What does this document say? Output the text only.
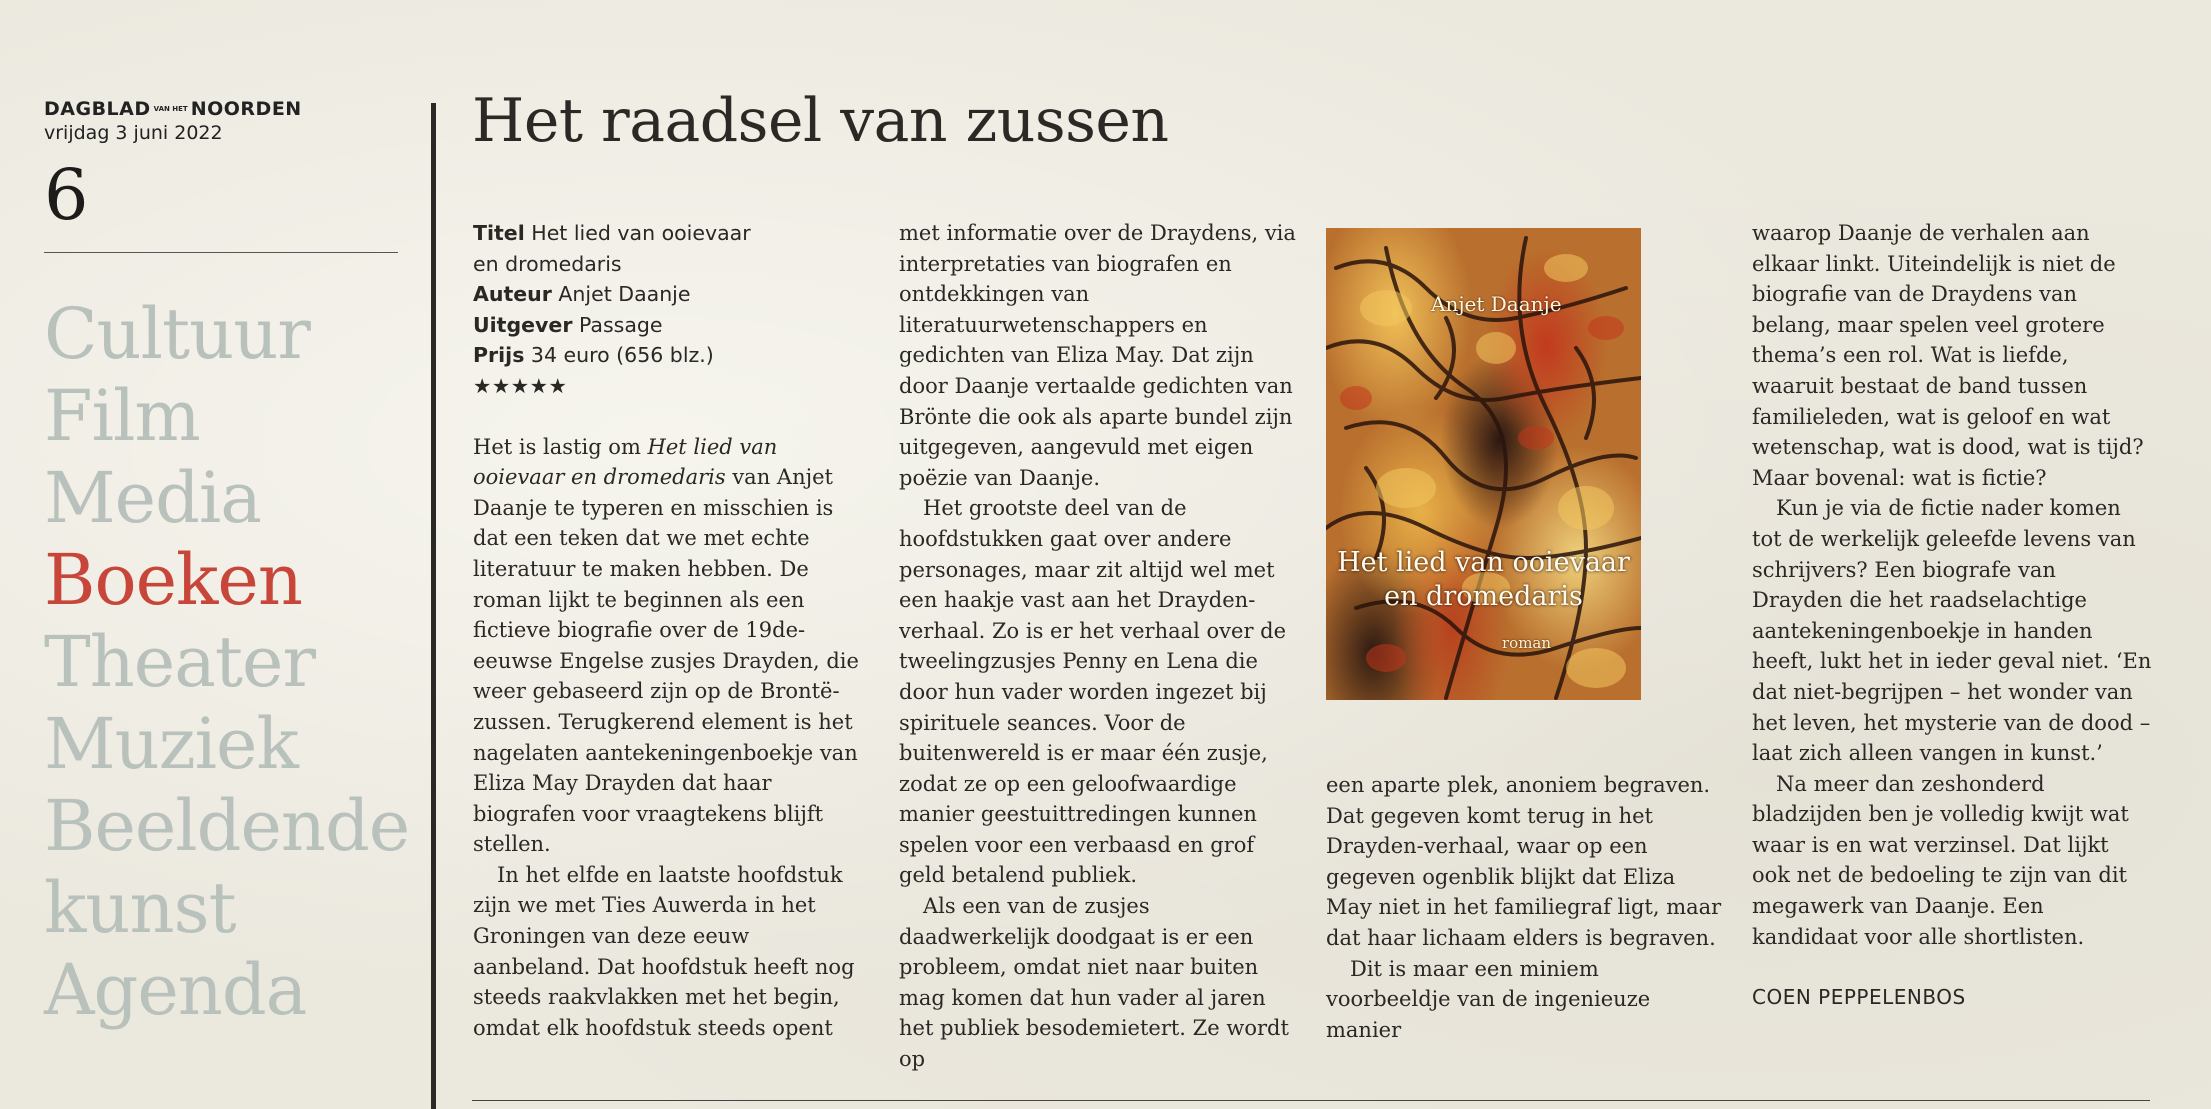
DAGBLAD VAN HET NOORDEN
vrijdag 3 juni 2022
6
Cultuur
Film
Media
Boeken
Theater
Muziek
Beeldende
kunst
Agenda
Het raadsel van zussen
Titel Het lied van ooievaar
en dromedaris
Auteur Anjet Daanje
Uitgever Passage
Prijs 34 euro (656 blz.)
★★★★★

Het is lastig om Het lied van ooievaar en dromedaris van Anjet Daanje te typeren en misschien is dat een teken dat we met echte literatuur te maken hebben. De roman lijkt te beginnen als een fictieve biografie over de 19de-eeuwse Engelse zusjes Drayden, die weer gebaseerd zijn op de Brontë-zussen. Terugkerend element is het nagelaten aantekeningenboekje van Eliza May Drayden dat haar biografen voor vraagtekens blijft stellen.

In het elfde en laatste hoofdstuk zijn we met Ties Auwerda in het Groningen van deze eeuw aanbeland. Dat hoofdstuk heeft nog steeds raakvlakken met het begin, omdat elk hoofdstuk steeds opent

met informatie over de Draydens, via interpretaties van biografen en ontdekkingen van literatuurwetenschappers en gedichten van Eliza May. Dat zijn door Daanje vertaalde gedichten van Brönte die ook als aparte bundel zijn uitgegeven, aangevuld met eigen poëzie van Daanje.

Het grootste deel van de hoofdstukken gaat over andere personages, maar zit altijd wel met een haakje vast aan het Drayden-verhaal. Zo is er het verhaal over de tweelingzusjes Penny en Lena die door hun vader worden ingezet bij spirituele seances. Voor de buitenwereld is er maar één zusje, zodat ze op een geloofwaardige manier geestuittredingen kunnen spelen voor een verbaasd en grof geld betalend publiek.

Als een van de zusjes daadwerkelijk doodgaat is er een probleem, omdat niet naar buiten mag komen dat hun vader al jaren het publiek besodemietert. Ze wordt op

Anjet Daanje
Het lied van ooievaar en dromedaris
roman

een aparte plek, anoniem begraven. Dat gegeven komt terug in het Drayden-verhaal, waar op een gegeven ogenblik blijkt dat Eliza May niet in het familiegraf ligt, maar dat haar lichaam elders is begraven.

Dit is maar een miniem voorbeeldje van de ingenieuze manier

waarop Daanje de verhalen aan elkaar linkt. Uiteindelijk is niet de biografie van de Draydens van belang, maar spelen veel grotere thema’s een rol. Wat is liefde, waaruit bestaat de band tussen familieleden, wat is geloof en wat wetenschap, wat is dood, wat is tijd? Maar bovenal: wat is fictie?

Kun je via de fictie nader komen tot de werkelijk geleefde levens van schrijvers? Een biografe van Drayden die het raadselachtige aantekeningenboekje in handen heeft, lukt het in ieder geval niet. ‘En dat niet-begrijpen – het wonder van het leven, het mysterie van de dood – laat zich alleen vangen in kunst.’

Na meer dan zeshonderd bladzijden ben je volledig kwijt wat waar is en wat verzinsel. Dat lijkt ook net de bedoeling te zijn van dit megawerk van Daanje. Een kandidaat voor alle shortlisten.

COEN PEPPELENBOS
